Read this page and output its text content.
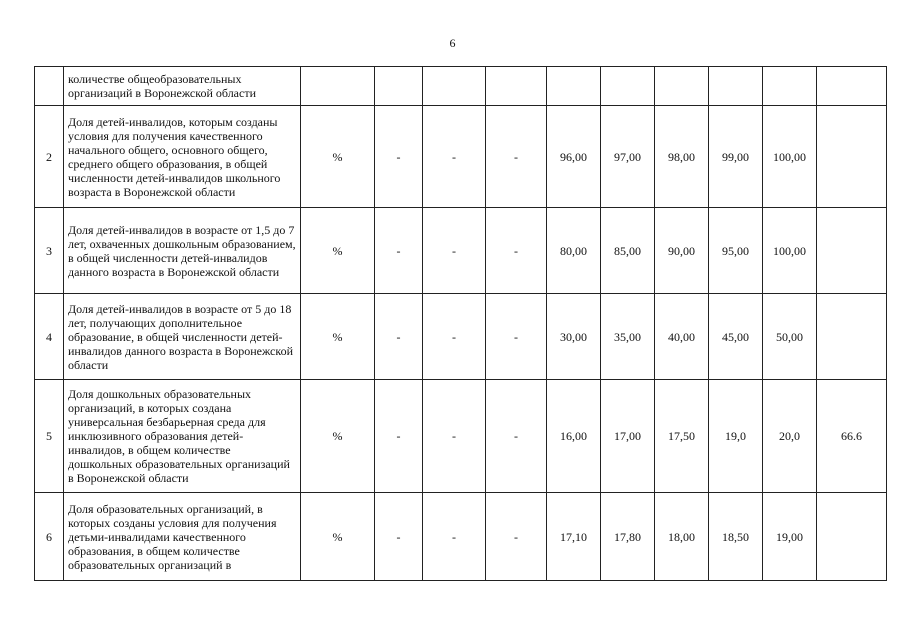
6
	количестве общеобразовательных организаций в Воронежской области										
2	Доля детей-инвалидов, которым созданы условия для получения качественного начального общего, основного общего, среднего общего образования, в общей численности детей-инвалидов школьного возраста в Воронежской области	%	-	-	-	96,00	97,00	98,00	99,00	100,00	
3	Доля детей-инвалидов в возрасте от 1,5 до 7 лет, охваченных дошкольным образованием, в общей численности детей-инвалидов данного возраста в Воронежской области	%	-	-	-	80,00	85,00	90,00	95,00	100,00	
4	Доля детей-инвалидов в возрасте от 5 до 18 лет, получающих дополнительное образование, в общей численности детей-инвалидов данного возраста в Воронежской области	%	-	-	-	30,00	35,00	40,00	45,00	50,00	
5	Доля дошкольных образовательных организаций, в которых создана универсальная безбарьерная среда для инклюзивного образования детей-инвалидов, в общем количестве дошкольных образовательных организаций в Воронежской области	%	-	-	-	16,00	17,00	17,50	19,0	20,0	66.6
6	Доля образовательных организаций, в которых созданы условия для получения детьми-инвалидами качественного образования, в общем количестве образовательных организаций в	%	-	-	-	17,10	17,80	18,00	18,50	19,00	
